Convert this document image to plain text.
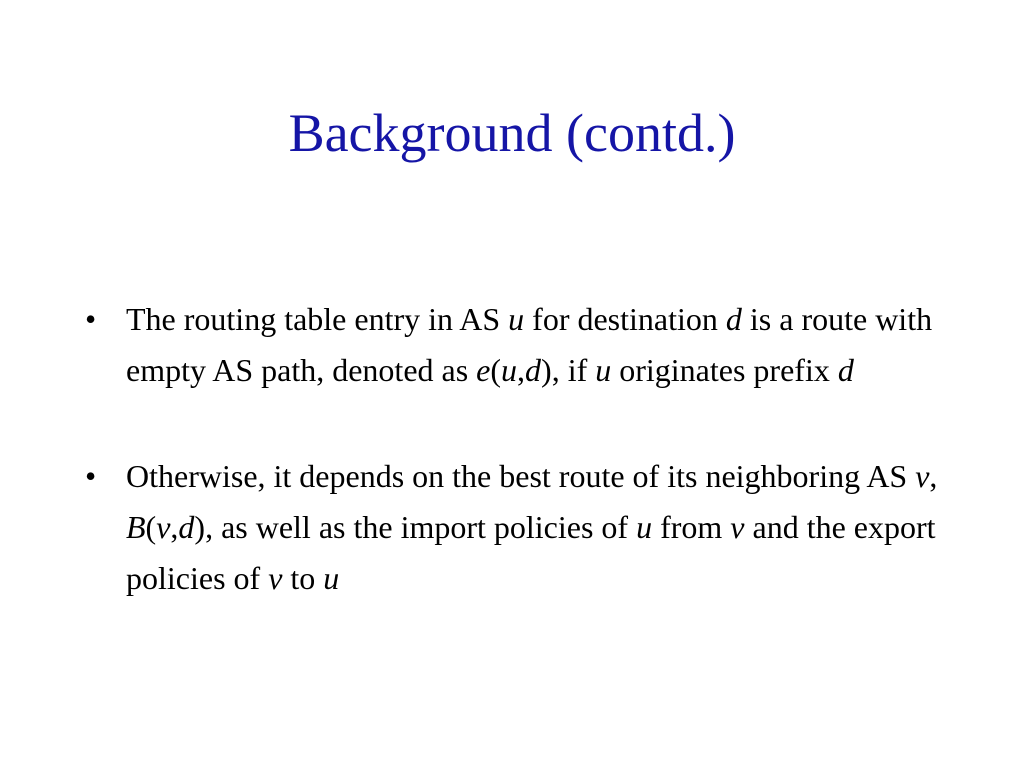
Background (contd.)
• The routing table entry in AS u for destination d is a route with empty AS path, denoted as e(u,d), if u originates prefix d
• Otherwise, it depends on the best route of its neighboring AS v, B(v,d), as well as the import policies of u from v and the export policies of v to u
